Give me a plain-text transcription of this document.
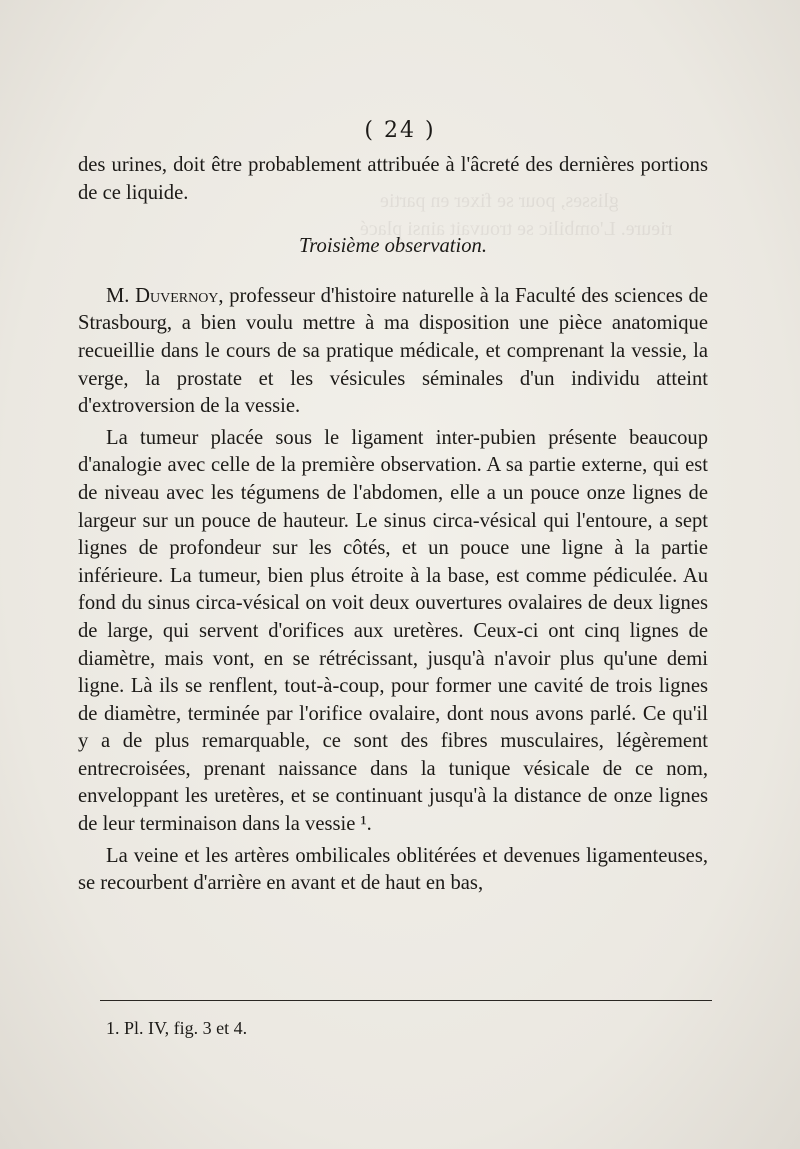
glisses, pour se fixer en partie
rieure. L'ombilic se trouvait ainsi placé
( 24 )

des urines, doit être probablement attribuée à l'âcreté des dernières portions de ce liquide.

Troisième observation.

M. Duvernoy, professeur d'histoire naturelle à la Faculté des sciences de Strasbourg, a bien voulu mettre à ma disposition une pièce anatomique recueillie dans le cours de sa pratique médicale, et comprenant la vessie, la verge, la prostate et les vésicules séminales d'un individu atteint d'extroversion de la vessie.

La tumeur placée sous le ligament inter-pubien présente beaucoup d'analogie avec celle de la première observation. A sa partie externe, qui est de niveau avec les tégumens de l'abdomen, elle a un pouce onze lignes de largeur sur un pouce de hauteur. Le sinus circa-vésical qui l'entoure, a sept lignes de profondeur sur les côtés, et un pouce une ligne à la partie inférieure. La tumeur, bien plus étroite à la base, est comme pédiculée. Au fond du sinus circa-vésical on voit deux ouvertures ovalaires de deux lignes de large, qui servent d'orifices aux uretères. Ceux-ci ont cinq lignes de diamètre, mais vont, en se rétrécissant, jusqu'à n'avoir plus qu'une demi ligne. Là ils se renflent, tout-à-coup, pour former une cavité de trois lignes de diamètre, terminée par l'orifice ovalaire, dont nous avons parlé. Ce qu'il y a de plus remarquable, ce sont des fibres musculaires, légèrement entrecroisées, prenant naissance dans la tunique vésicale de ce nom, enveloppant les uretères, et se continuant jusqu'à la distance de onze lignes de leur terminaison dans la vessie ¹.

La veine et les artères ombilicales oblitérées et devenues ligamenteuses, se recourbent d'arrière en avant et de haut en bas,

1. Pl. IV, fig. 3 et 4.
